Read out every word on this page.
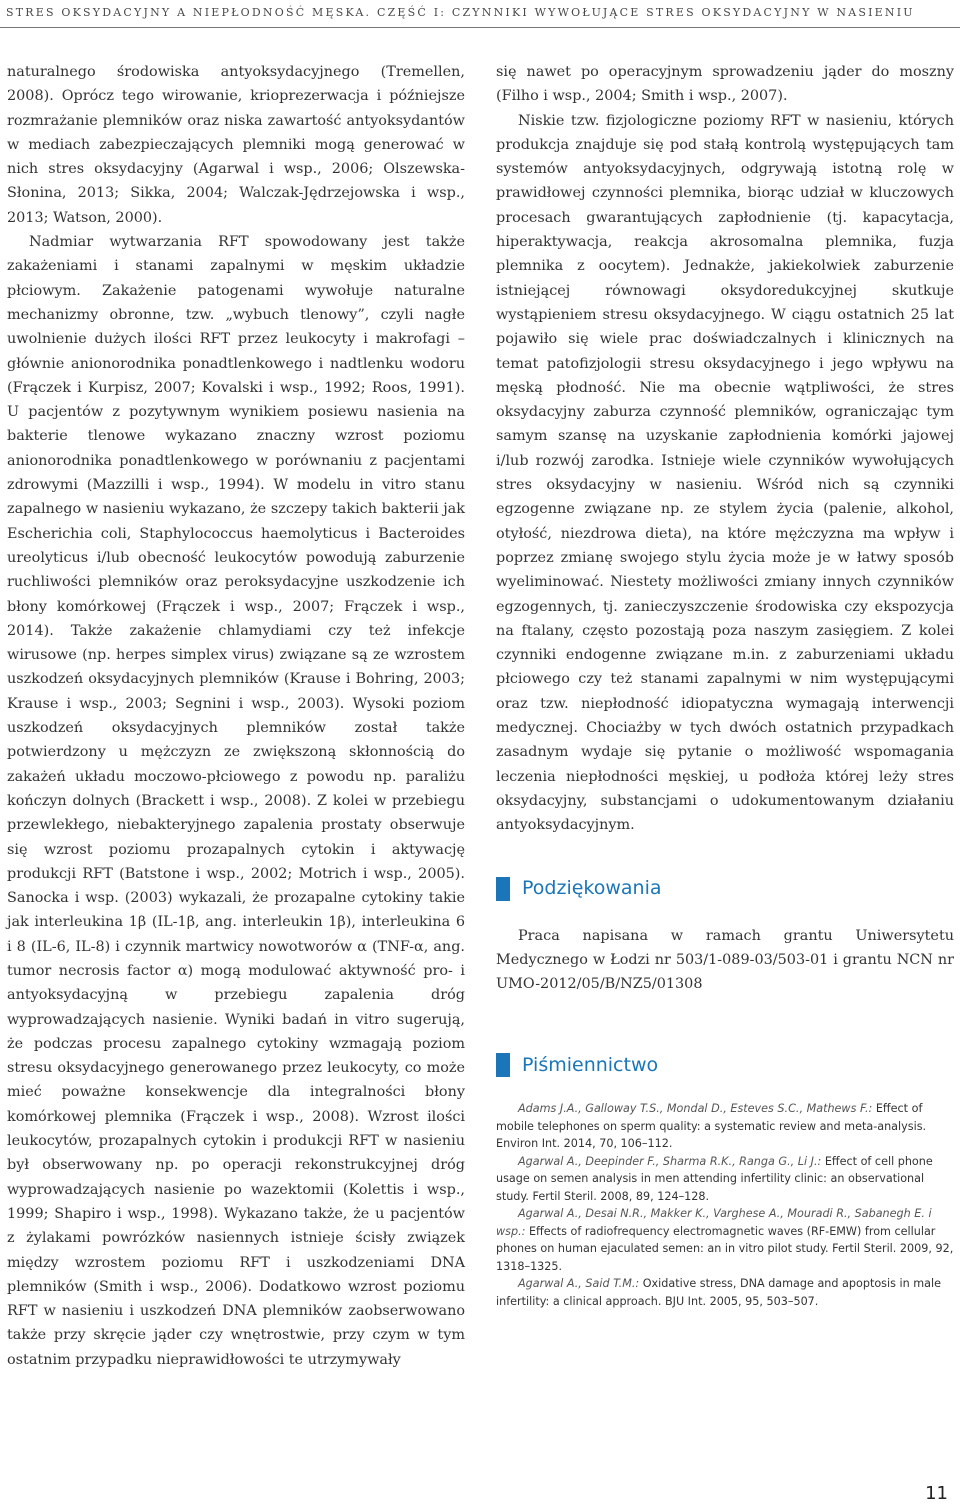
STRES OKSYDACYJNY A NIEPŁODNOŚĆ MĘSKA. CZĘŚĆ I: CZYNNIKI WYWOŁUJĄCE STRES OKSYDACYJNY W NASIENIU

naturalnego środowiska antyoksydacyjnego (Tremellen, 2008). Oprócz tego wirowanie, krioprezerwacja i późniejsze rozmrażanie plemników oraz niska zawartość antyoksydantów w mediach zabezpieczających plemniki mogą generować w nich stres oksydacyjny (Agarwal i wsp., 2006; Olszewska-Słonina, 2013; Sikka, 2004; Walczak-Jędrzejowska i wsp., 2013; Watson, 2000).

Nadmiar wytwarzania RFT spowodowany jest także zakażeniami i stanami zapalnymi w męskim układzie płciowym. Zakażenie patogenami wywołuje naturalne mechanizmy obronne, tzw. „wybuch tlenowy”, czyli nagłe uwolnienie dużych ilości RFT przez leukocyty i makrofagi – głównie anionorodnika ponadtlenkowego i nadtlenku wodoru (Frączek i Kurpisz, 2007; Kovalski i wsp., 1992; Roos, 1991). U pacjentów z pozytywnym wynikiem posiewu nasienia na bakterie tlenowe wykazano znaczny wzrost poziomu anionorodnika ponadtlenkowego w porównaniu z pacjentami zdrowymi (Mazzilli i wsp., 1994). W modelu in vitro stanu zapalnego w nasieniu wykazano, że szczepy takich bakterii jak Escherichia coli, Staphylococcus haemolyticus i Bacteroides ureolyticus i/lub obecność leukocytów powodują zaburzenie ruchliwości plemników oraz peroksydacyjne uszkodzenie ich błony komórkowej (Frączek i wsp., 2007; Frączek i wsp., 2014). Także zakażenie chlamydiami czy też infekcje wirusowe (np. herpes simplex virus) związane są ze wzrostem uszkodzeń oksydacyjnych plemników (Krause i Bohring, 2003; Krause i wsp., 2003; Segnini i wsp., 2003). Wysoki poziom uszkodzeń oksydacyjnych plemników został także potwierdzony u mężczyzn ze zwiększoną skłonnością do zakażeń układu moczowo-płciowego z powodu np. paraliżu kończyn dolnych (Brackett i wsp., 2008). Z kolei w przebiegu przewlekłego, niebakteryjnego zapalenia prostaty obserwuje się wzrost poziomu prozapalnych cytokin i aktywację produkcji RFT (Batstone i wsp., 2002; Motrich i wsp., 2005). Sanocka i wsp. (2003) wykazali, że prozapalne cytokiny takie jak interleukina 1β (IL-1β, ang. interleukin 1β), interleukina 6 i 8 (IL-6, IL-8) i czynnik martwicy nowotworów α (TNF-α, ang. tumor necrosis factor α) mogą modulować aktywność pro- i antyoksydacyjną w przebiegu zapalenia dróg wyprowadzających nasienie. Wyniki badań in vitro sugerują, że podczas procesu zapalnego cytokiny wzmagają poziom stresu oksydacyjnego generowanego przez leukocyty, co może mieć poważne konsekwencje dla integralności błony komórkowej plemnika (Frączek i wsp., 2008). Wzrost ilości leukocytów, prozapalnych cytokin i produkcji RFT w nasieniu był obserwowany np. po operacji rekonstrukcyjnej dróg wyprowadzających nasienie po wazektomii (Kolettis i wsp., 1999; Shapiro i wsp., 1998). Wykazano także, że u pacjentów z żylakami powrózków nasiennych istnieje ścisły związek między wzrostem poziomu RFT i uszkodzeniami DNA plemników (Smith i wsp., 2006). Dodatkowo wzrost poziomu RFT w nasieniu i uszkodzeń DNA plemników zaobserwowano także przy skręcie jąder czy wnętrostwie, przy czym w tym ostatnim przypadku nieprawidłowości te utrzymywały

się nawet po operacyjnym sprowadzeniu jąder do moszny (Filho i wsp., 2004; Smith i wsp., 2007).

Niskie tzw. fizjologiczne poziomy RFT w nasieniu, których produkcja znajduje się pod stałą kontrolą występujących tam systemów antyoksydacyjnych, odgrywają istotną rolę w prawidłowej czynności plemnika, biorąc udział w kluczowych procesach gwarantujących zapłodnienie (tj. kapacytacja, hiperaktywacja, reakcja akrosomalna plemnika, fuzja plemnika z oocytem). Jednakże, jakiekolwiek zaburzenie istniejącej równowagi oksydoredukcyjnej skutkuje wystąpieniem stresu oksydacyjnego. W ciągu ostatnich 25 lat pojawiło się wiele prac doświadczalnych i klinicznych na temat patofizjologii stresu oksydacyjnego i jego wpływu na męską płodność. Nie ma obecnie wątpliwości, że stres oksydacyjny zaburza czynność plemników, ograniczając tym samym szansę na uzyskanie zapłodnienia komórki jajowej i/lub rozwój zarodka. Istnieje wiele czynników wywołujących stres oksydacyjny w nasieniu. Wśród nich są czynniki egzogenne związane np. ze stylem życia (palenie, alkohol, otyłość, niezdrowa dieta), na które mężczyzna ma wpływ i poprzez zmianę swojego stylu życia może je w łatwy sposób wyeliminować. Niestety możliwości zmiany innych czynników egzogennych, tj. zanieczyszczenie środowiska czy ekspozycja na ftalany, często pozostają poza naszym zasięgiem. Z kolei czynniki endogenne związane m.in. z zaburzeniami układu płciowego czy też stanami zapalnymi w nim występującymi oraz tzw. niepłodność idiopatyczna wymagają interwencji medycznej. Chociażby w tych dwóch ostatnich przypadkach zasadnym wydaje się pytanie o możliwość wspomagania leczenia niepłodności męskiej, u podłoża której leży stres oksydacyjny, substancjami o udokumentowanym działaniu antyoksydacyjnym.

Podziękowania

Praca napisana w ramach grantu Uniwersytetu Medycznego w Łodzi nr 503/1-089-03/503-01 i grantu NCN nr UMO-2012/05/B/NZ5/01308

Piśmiennictwo

Adams J.A., Galloway T.S., Mondal D., Esteves S.C., Mathews F.: Effect of mobile telephones on sperm quality: a systematic review and meta-analysis. Environ Int. 2014, 70, 106–112.

Agarwal A., Deepinder F., Sharma R.K., Ranga G., Li J.: Effect of cell phone usage on semen analysis in men attending infertility clinic: an observational study. Fertil Steril. 2008, 89, 124–128.

Agarwal A., Desai N.R., Makker K., Varghese A., Mouradi R., Sabanegh E. i wsp.: Effects of radiofrequency electromagnetic waves (RF-EMW) from cellular phones on human ejaculated semen: an in vitro pilot study. Fertil Steril. 2009, 92, 1318–1325.

Agarwal A., Said T.M.: Oxidative stress, DNA damage and apoptosis in male infertility: a clinical approach. BJU Int. 2005, 95, 503–507.

11
